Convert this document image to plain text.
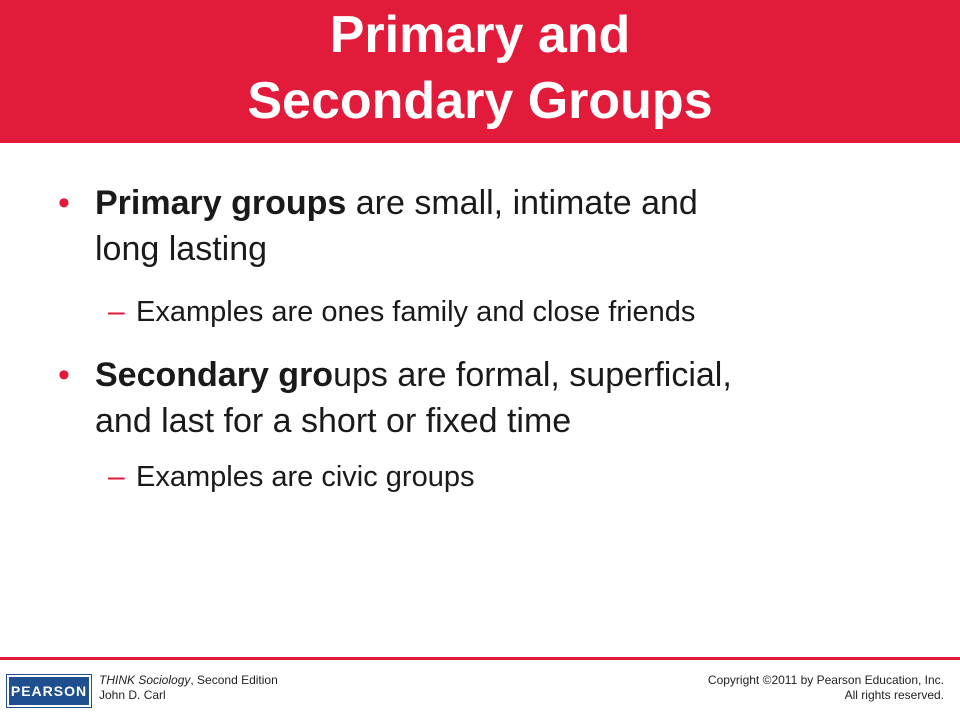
Primary and
Secondary Groups
• Primary groups are small, intimate and
long lasting
– Examples are ones family and close friends
• Secondary groups are formal, superficial,
and last for a short or fixed time
– Examples are civic groups
PEARSON
THINK Sociology, Second Edition
John D. Carl
Copyright ©2011 by Pearson Education, Inc.
All rights reserved.
